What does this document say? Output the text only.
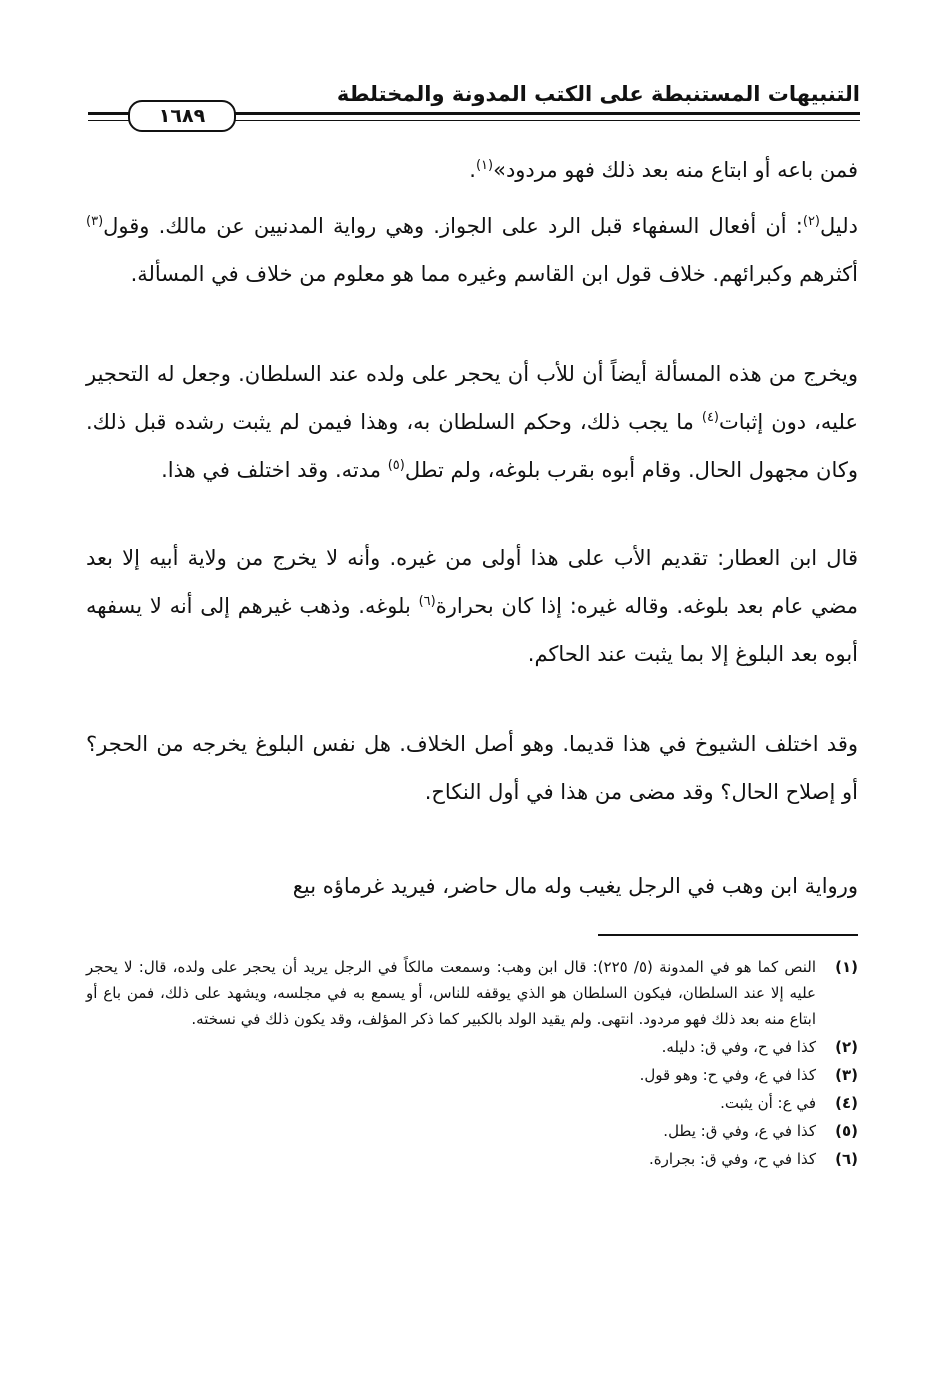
التنبيهات المستنبطة على الكتب المدونة والمختلطة
١٦٨٩

فمن باعه أو ابتاع منه بعد ذلك فهو مردود»$^{(١)}$.

دليل$^{(٢)}$: أن أفعال السفهاء قبل الرد على الجواز. وهي رواية المدنيين عن مالك. وقول$^{(٣)}$ أكثرهم وكبرائهم. خلاف قول ابن القاسم وغيره مما هو معلوم من خلاف في المسألة.

ويخرج من هذه المسألة أيضاً أن للأب أن يحجر على ولده عند السلطان. وجعل له التحجير عليه، دون إثبات$^{(٤)}$ ما يجب ذلك، وحكم السلطان به، وهذا فيمن لم يثبت رشده قبل ذلك. وكان مجهول الحال. وقام أبوه بقرب بلوغه، ولم تطل$^{(٥)}$ مدته. وقد اختلف في هذا.

قال ابن العطار: تقديم الأب على هذا أولى من غيره. وأنه لا يخرج من ولاية أبيه إلا بعد مضي عام بعد بلوغه. وقاله غيره: إذا كان بحرارة$^{(٦)}$ بلوغه. وذهب غيرهم إلى أنه لا يسفهه أبوه بعد البلوغ إلا بما يثبت عند الحاكم.

وقد اختلف الشيوخ في هذا قديما. وهو أصل الخلاف. هل نفس البلوغ يخرجه من الحجر؟ أو إصلاح الحال؟ وقد مضى من هذا في أول النكاح.

ورواية ابن وهب في الرجل يغيب وله مال حاضر، فيريد غرماؤه بيع

(١)
النص كما هو في المدونة (٥/ ٢٢٥): قال ابن وهب: وسمعت مالكاً في الرجل يريد أن يحجر على ولده، قال: لا يحجر عليه إلا عند السلطان، فيكون السلطان هو الذي يوقفه للناس، أو يسمع به في مجلسه، ويشهد على ذلك، فمن باع أو ابتاع منه بعد ذلك فهو مردود. انتهى. ولم يقيد الولد بالكبير كما ذكر المؤلف، وقد يكون ذلك في نسخته.
(٢)
كذا في ح، وفي ق: دليله.
(٣)
كذا في ع، وفي ح: وهو قول.
(٤)
في ع: أن يثبت.
(٥)
كذا في ع، وفي ق: يطل.
(٦)
كذا في ح، وفي ق: بجرارة.
